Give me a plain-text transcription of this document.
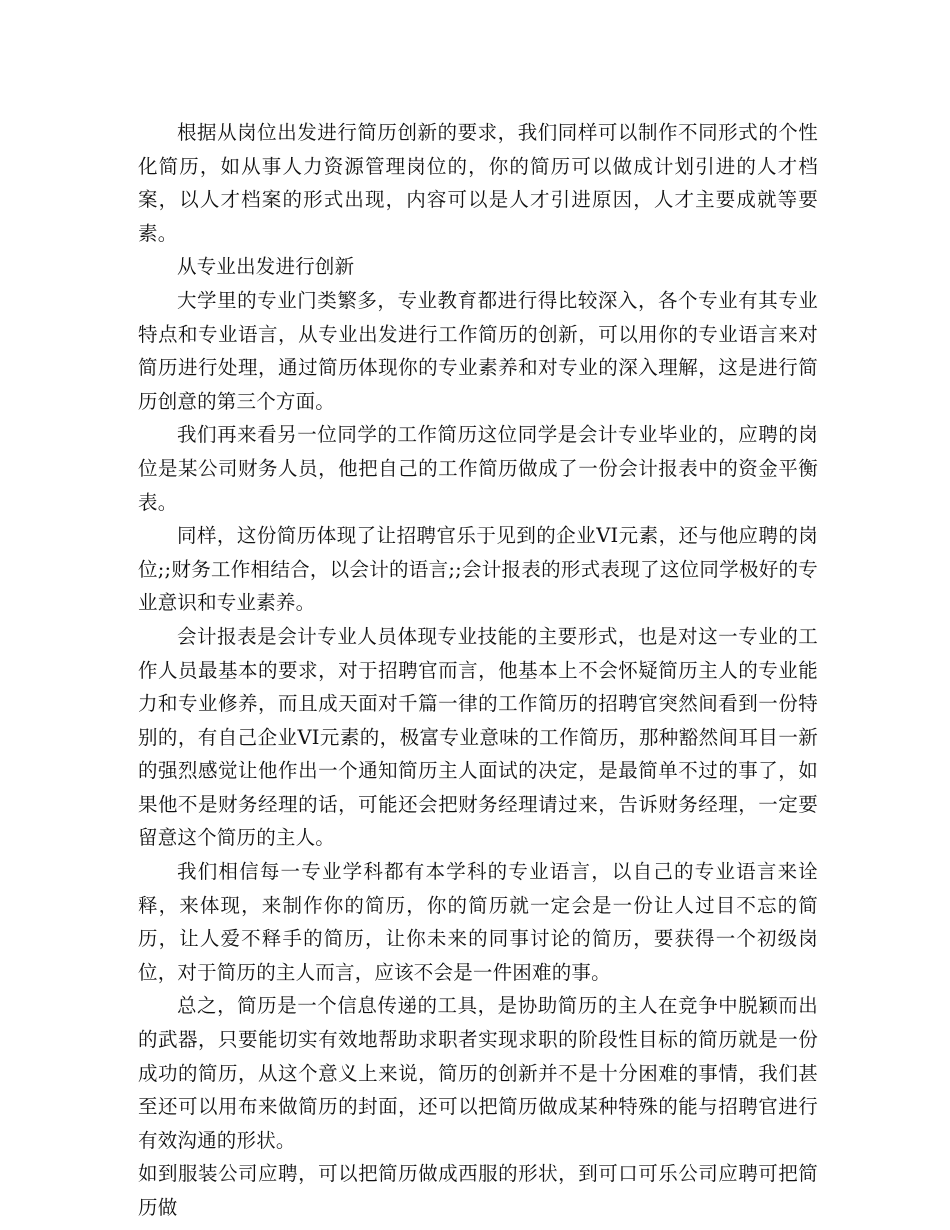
根据从岗位出发进行简历创新的要求，我们同样可以制作不同形式的个性化简历，如从事人力资源管理岗位的，你的简历可以做成计划引进的人才档案，以人才档案的形式出现，内容可以是人才引进原因，人才主要成就等要素。

从专业出发进行创新

大学里的专业门类繁多，专业教育都进行得比较深入，各个专业有其专业特点和专业语言，从专业出发进行工作简历的创新，可以用你的专业语言来对简历进行处理，通过简历体现你的专业素养和对专业的深入理解，这是进行简历创意的第三个方面。

我们再来看另一位同学的工作简历这位同学是会计专业毕业的，应聘的岗位是某公司财务人员，他把自己的工作简历做成了一份会计报表中的资金平衡表。

同样，这份简历体现了让招聘官乐于见到的企业VI元素，还与他应聘的岗位;;财务工作相结合，以会计的语言;;会计报表的形式表现了这位同学极好的专业意识和专业素养。

会计报表是会计专业人员体现专业技能的主要形式，也是对这一专业的工作人员最基本的要求，对于招聘官而言，他基本上不会怀疑简历主人的专业能力和专业修养，而且成天面对千篇一律的工作简历的招聘官突然间看到一份特别的，有自己企业VI元素的，极富专业意味的工作简历，那种豁然间耳目一新的强烈感觉让他作出一个通知简历主人面试的决定，是最简单不过的事了，如果他不是财务经理的话，可能还会把财务经理请过来，告诉财务经理，一定要留意这个简历的主人。

我们相信每一专业学科都有本学科的专业语言，以自己的专业语言来诠释，来体现，来制作你的简历，你的简历就一定会是一份让人过目不忘的简历，让人爱不释手的简历，让你未来的同事讨论的简历，要获得一个初级岗位，对于简历的主人而言，应该不会是一件困难的事。

总之，简历是一个信息传递的工具，是协助简历的主人在竞争中脱颖而出的武器，只要能切实有效地帮助求职者实现求职的阶段性目标的简历就是一份成功的简历，从这个意义上来说，简历的创新并不是十分困难的事情，我们甚至还可以用布来做简历的封面，还可以把简历做成某种特殊的能与招聘官进行有效沟通的形状。

如到服装公司应聘，可以把简历做成西服的形状，到可口可乐公司应聘可把简历做
